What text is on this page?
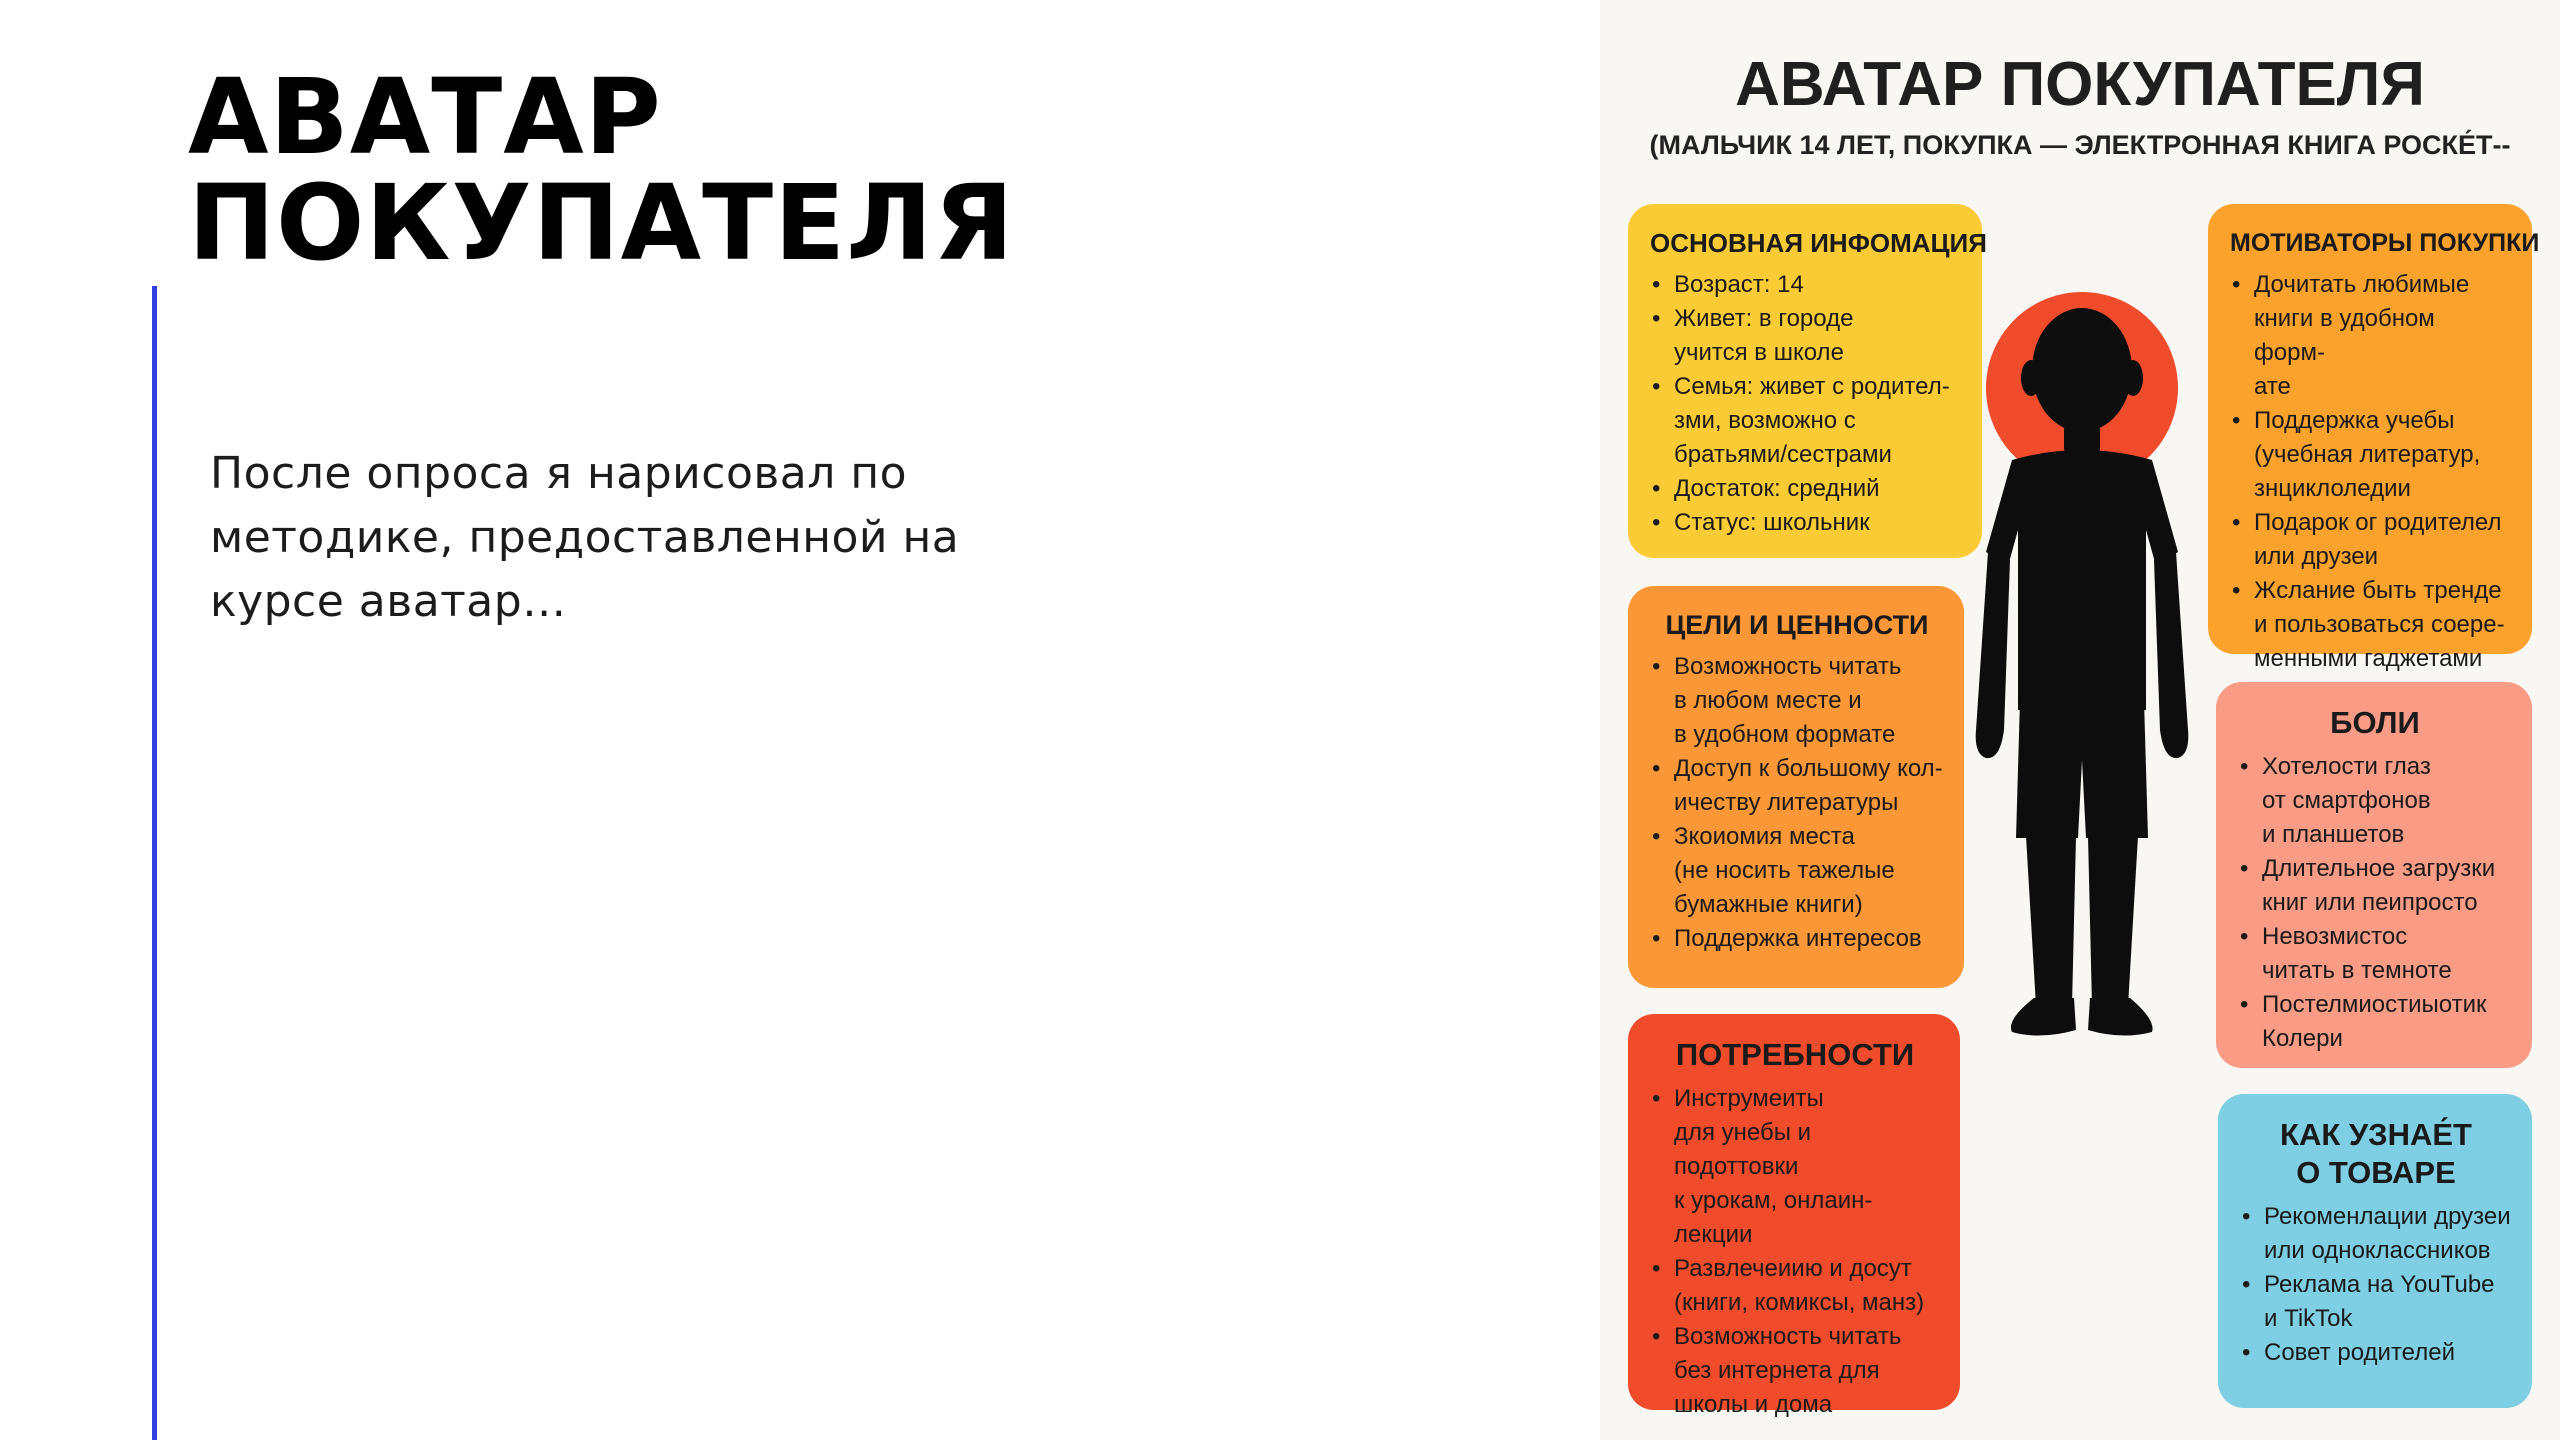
АВАТАР
ПОКУПАТЕЛЯ

После опроса я нарисовал по методике, предоставленной на курсе аватар…

АВАТАР ПОКУПАТЕЛЯ
(МАЛЬЧИК 14 ЛЕТ, ПОКУПКА — ЭЛЕКТРОННАЯ КНИГА РОСКЕ́Т--
ОСНОВНАЯ ИНФОМАЦИЯ
• Возраст: 14
• Живет: в городе
учится в школе
• Семья: живет с родител-
зми, возможно с
братьями/сестрами
• Достаток: средний
• Статус: школьник
ЦЕЛИ И ЦЕННОСТИ
• Возможность читать
в любом месте и
в удобном формате
• Доступ к большому кол-
ичеству литературы
• Зкоиомия места
(не носить тажелые
бумажные книги)
• Поддержка интересов
ПОТРЕБНОСТИ
• Инструмеиты
для унебы и подоттовки
к урокам, онлаин-
лекции
• Развлечеиию и досут
(книги, комиксы, манз)
• Возможность читать
без интернета для
школы и дома
МОТИВАТОРЫ ПОКУПКИ
• Дочитать любимые
книги в удобном форм-
ате
• Поддержка учебы
(учебная литератур,
знциклоледии
• Подарок ог родителел
или друзеи
• Жслание быть тренде
и пользоваться соере-
менными гаджетами
БОЛИ
• Хотелости глаз
от смартфонов
и планшетов
• Длительное загрузки
книг или пеипросто
• Невозмистос
читать в темноте
• Постелмиостиыотик
Колери
КАК УЗНАЕ́Т
О ТОВАРЕ
• Рекоменлации друзеи
или одноклассников
• Реклама на YouTube
и TikTok
• Совет родителей
